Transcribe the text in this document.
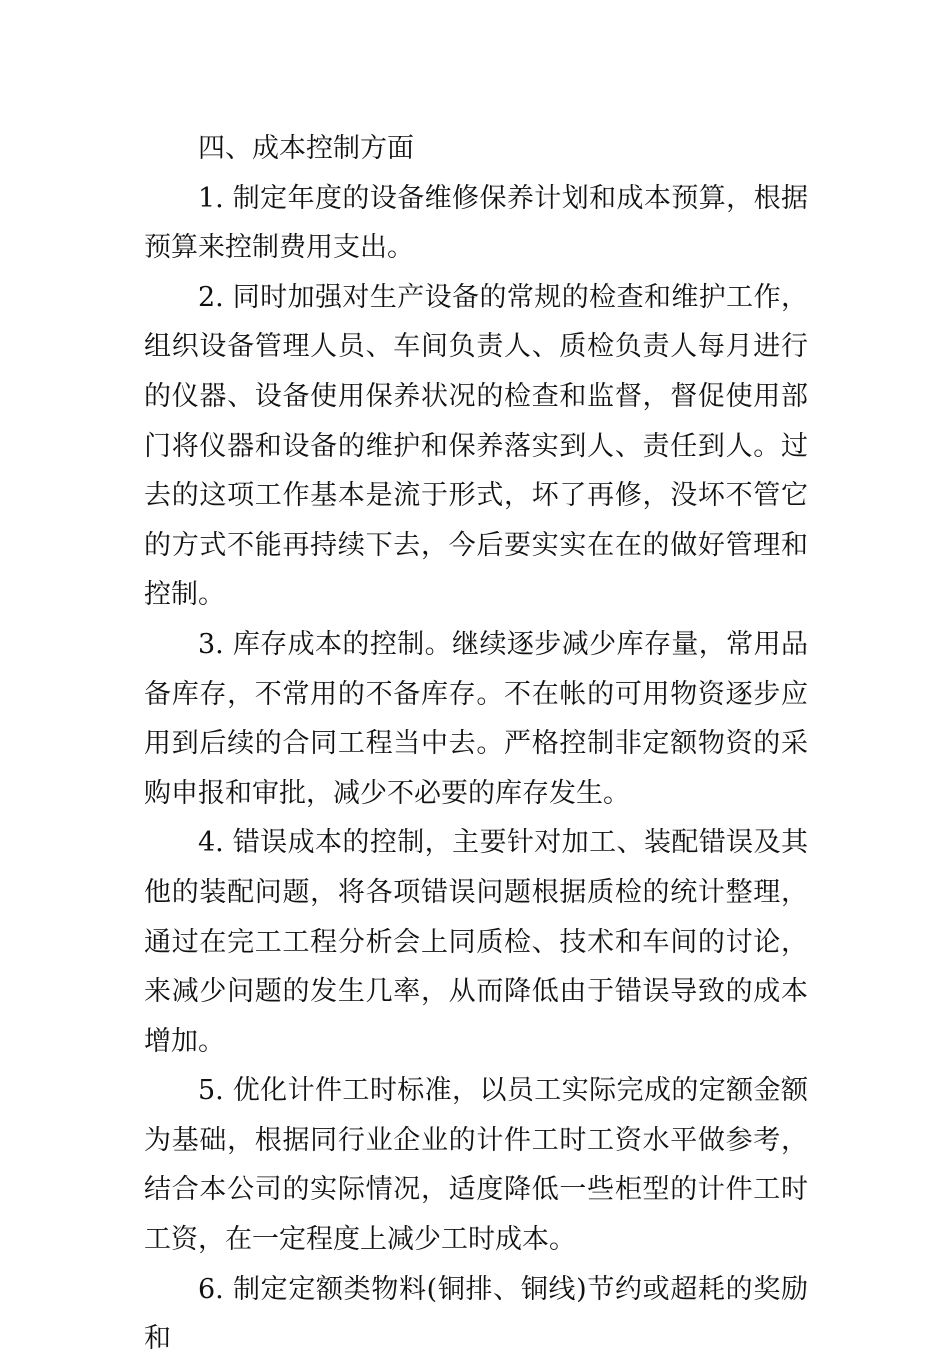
四、成本控制方面

1. 制定年度的设备维修保养计划和成本预算，根据预算来控制费用支出。

2. 同时加强对生产设备的常规的检查和维护工作，组织设备管理人员、车间负责人、质检负责人每月进行的仪器、设备使用保养状况的检查和监督，督促使用部门将仪器和设备的维护和保养落实到人、责任到人。过去的这项工作基本是流于形式，坏了再修，没坏不管它的方式不能再持续下去，今后要实实在在的做好管理和控制。

3. 库存成本的控制。继续逐步减少库存量，常用品备库存，不常用的不备库存。不在帐的可用物资逐步应用到后续的合同工程当中去。严格控制非定额物资的采购申报和审批，减少不必要的库存发生。

4. 错误成本的控制，主要针对加工、装配错误及其他的装配问题，将各项错误问题根据质检的统计整理，通过在完工工程分析会上同质检、技术和车间的讨论，来减少问题的发生几率，从而降低由于错误导致的成本增加。

5. 优化计件工时标准，以员工实际完成的定额金额为基础，根据同行业企业的计件工时工资水平做参考，结合本公司的实际情况，适度降低一些柜型的计件工时工资，在一定程度上减少工时成本。

6. 制定定额类物料(铜排、铜线)节约或超耗的奖励和
